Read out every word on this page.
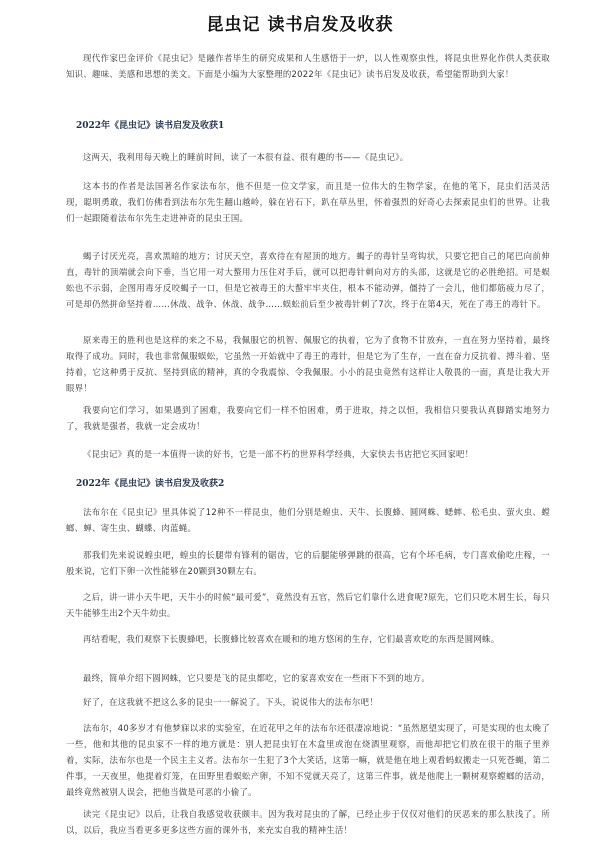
昆虫记 读书启发及收获

现代作家巴金评价《昆虫记》是融作者毕生的研究成果和人生感悟于一炉，以人性观察虫性，将昆虫世界化作供人类获取知识、趣味、美感和思想的美文。下面是小编为大家整理的2022年《昆虫记》读书启发及收获，希望能帮助到大家！

2022年《昆虫记》读书启发及收获1

这两天，我利用每天晚上的睡前时间，读了一本很有益、很有趣的书——《昆虫记》。

这本书的作者是法国著名作家法布尔，他不但是一位文学家，而且是一位伟大的生物学家，在他的笔下，昆虫们活灵活现，聪明勇敢，我们仿佛看到法布尔先生翻山越岭，躲在岩石下，趴在草丛里，怀着强烈的好奇心去探索昆虫们的世界。让我们一起跟随着法布尔先生走进神奇的昆虫王国。

蝎子讨厌光亮，喜欢黑暗的地方；讨厌天空，喜欢待在有屋顶的地方。蝎子的毒针呈弯钩状，只要它把自己的尾巴向前伸直，毒针的顶端就会向下垂，当它用一对大螯用力压住对手后，就可以把毒针刺向对方的头部，这就是它的必胜绝招。可是蜈蚣也不示弱，企图用毒牙反咬蝎子一口，但是它被毒王的大螯牢牢夹住，根本不能动弹，僵持了一会儿，他们都筋疲力尽了，可是却仍然拼命坚持着……休战、战争、休战、战争……蜈蚣前后至少被毒针刺了7次，终于在第4天，死在了毒王的毒针下。

原来毒王的胜利也是这样的来之不易，我佩服它的机智、佩服它的执着，它为了食物不甘放弃，一直在努力坚持着，最终取得了成功。同时，我也非常佩服蜈蚣，它虽然一开始就中了毒王的毒针，但是它为了生存，一直在奋力反抗着、搏斗着、坚持着，它这种勇于反抗、坚持到底的精神，真的令我震惊、令我佩服。小小的昆虫竟然有这样让人敬畏的一面，真是让我大开眼界！

我要向它们学习，如果遇到了困难，我要向它们一样不怕困难，勇于进取，持之以恒，我相信只要我认真脚踏实地努力了，我就是强者，我就一定会成功！

《昆虫记》真的是一本值得一读的好书，它是一部不朽的世界科学经典，大家快去书店把它买回家吧！

2022年《昆虫记》读书启发及收获2

法布尔在《昆虫记》里具体说了12种不一样昆虫，他们分别是蝗虫、天牛、长腹蜂、圆网蛛、蟋蟀、松毛虫、萤火虫、螳螂、蝉、寄生虫、蝴蝶、肉蓝蝇。

那我们先来说说蝗虫吧，蝗虫的长腿带有锋利的锯齿，它的后腿能够弹跳的很高，它有个坏毛病，专门喜欢偷吃庄稼，一般来说，它们下卵一次性能够在20颗到30颗左右。

之后，讲一讲小天牛吧，天牛小的时候“最可爱”，竟然没有五官，然后它们靠什么进食呢?原先，它们只吃木屑生长，每只天牛能够生出2个天牛幼虫。

再结看呢，我们观察下长腹蜂吧，长腹蜂比较喜欢在暖和的地方悠闲的生存，它们最喜欢吃的东西是圆网蛛。

最终，简单介绍下圆网蛛，它只要是飞的昆虫都吃，它的家喜欢安在一些雨下不到的地方。

好了，在这我就不把这么多的昆虫一一解说了。下头，说说伟大的法布尔吧！

法布尔，40多岁才有他梦寐以求的实验室，在近花甲之年的法布尔还很凄凉地说：“虽然愿望实现了，可是实现的也太晚了一些，他和其他的昆虫家不一样的地方就是：别人把昆虫钉在木盒里或泡在烧酒里观察，而他却把它们放在很干的瓶子里养着，实际，法布尔也是一个民主主义者。法布尔一生犯了3个大笑话，这第一嘛，就是他在地上观看蚂蚁搬走一只死苍蝇，第二件事，一天夜里，他提着灯笼，在田野里看蜈蚣产卵，不知不觉就天亮了，这第三件事，就是他爬上一颗树观察螳螂的活动，最终竟然被别人误会，把他当做是可恶的小偷了。

读完《昆虫记》以后，让我自我感觉收获颇丰。因为我对昆虫的了解，已经止步于仅仅对他们的厌恶来的那么肤浅了。所以，以后，我应当看更多更多这些方面的课外书，来充实自我的精神生活！
